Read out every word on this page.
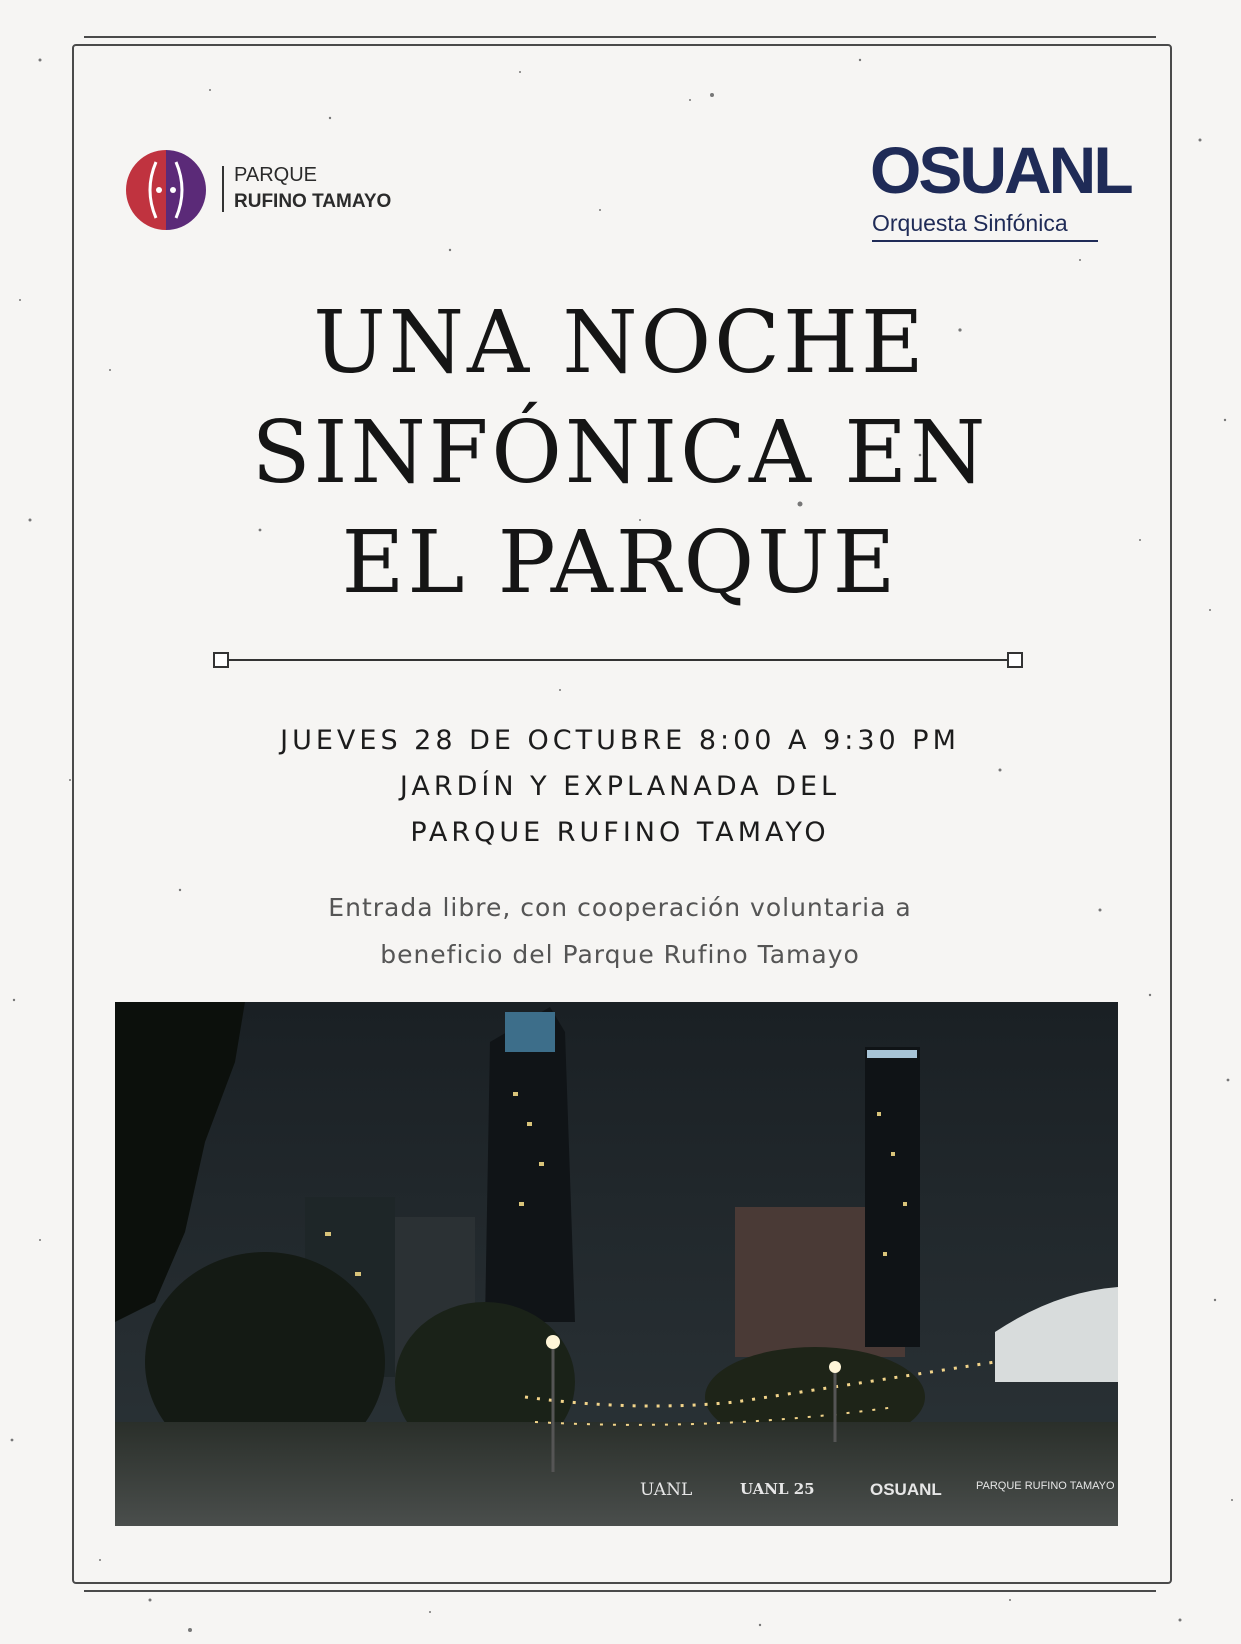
PARQUE
RUFINO TAMAYO	OSUANL
Orquesta Sinfónica
UNA NOCHE
SINFÓNICA EN
EL PARQUE
JUEVES 28 DE OCTUBRE 8:00 A 9:30 PM
JARDÍN Y EXPLANADA DEL
PARQUE RUFINO TAMAYO
Entrada libre, con cooperación voluntaria a
beneficio del Parque Rufino Tamayo
UANL	UANL 25	OSUANL	PARQUE RUFINO TAMAYO
